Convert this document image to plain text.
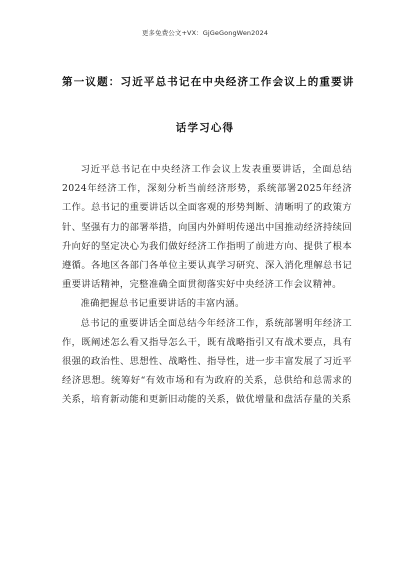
更多免费公文+VX：GjGeGongWen2024
第一议题：习近平总书记在中央经济工作会议上的重要讲
话学习心得

习近平总书记在中央经济工作会议上发表重要讲话，全面总结2024年经济工作，深刻分析当前经济形势，系统部署2025年经济工作。总书记的重要讲话以全面客观的形势判断、清晰明了的政策方针、坚强有力的部署举措，向国内外鲜明传递出中国推动经济持续回升向好的坚定决心为我们做好经济工作指明了前进方向、提供了根本遵循。各地区各部门各单位主要认真学习研究、深入消化理解总书记重要讲话精神，完整准确全面贯彻落实好中央经济工作会议精神。

准确把握总书记重要讲话的丰富内涵。

总书记的重要讲话全面总结今年经济工作，系统部署明年经济工作，既阐述怎么看又指导怎么干，既有战略指引又有战术要点，具有很强的政治性、思想性、战略性、指导性，进一步丰富发展了习近平经济思想。统筹好“有效市场和有为政府的关系，总供给和总需求的关系，培育新动能和更新旧动能的关系，做优增量和盘活存量的关系
